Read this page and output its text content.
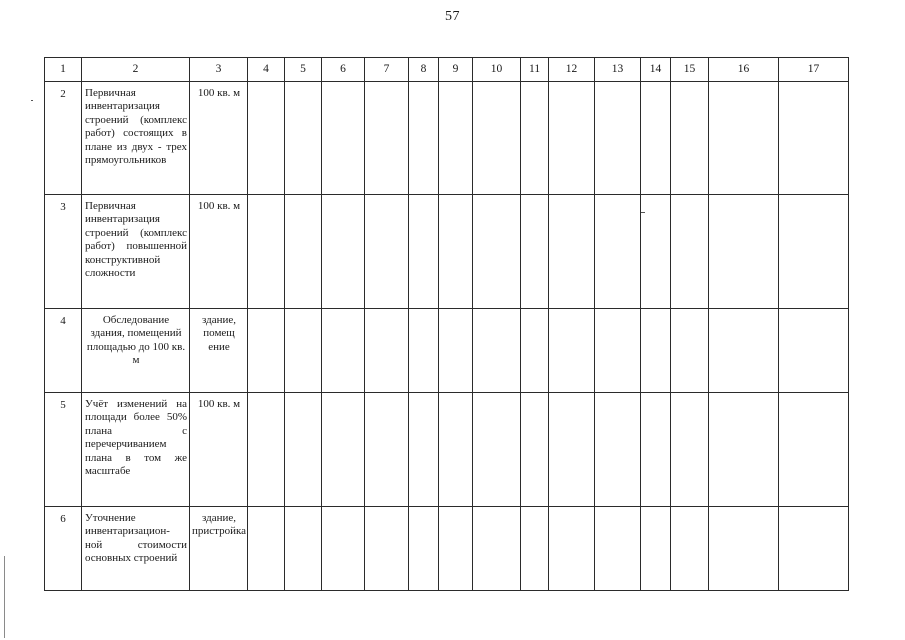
57
1	2	3	4	5	6	7	8	9	10	11	12	13	14	15	16	17
2	Первичная инвентаризация строений (комплекс работ) состоящих в плане из двух - трех прямоугольников	100 кв. м														
3	Первичная инвентаризация строений (комплекс работ) повышенной конструктивной сложности	100 кв. м														
4	Обследование здания, помещений площадью до 100 кв. м	здание, помещ ение														
5	Учёт изменений на площади более 50% плана с перечерчиванием плана в том же масштабе	100 кв. м														
6	Уточнение инвентаризацион-ной стоимости основных строений	здание, пристройка														
